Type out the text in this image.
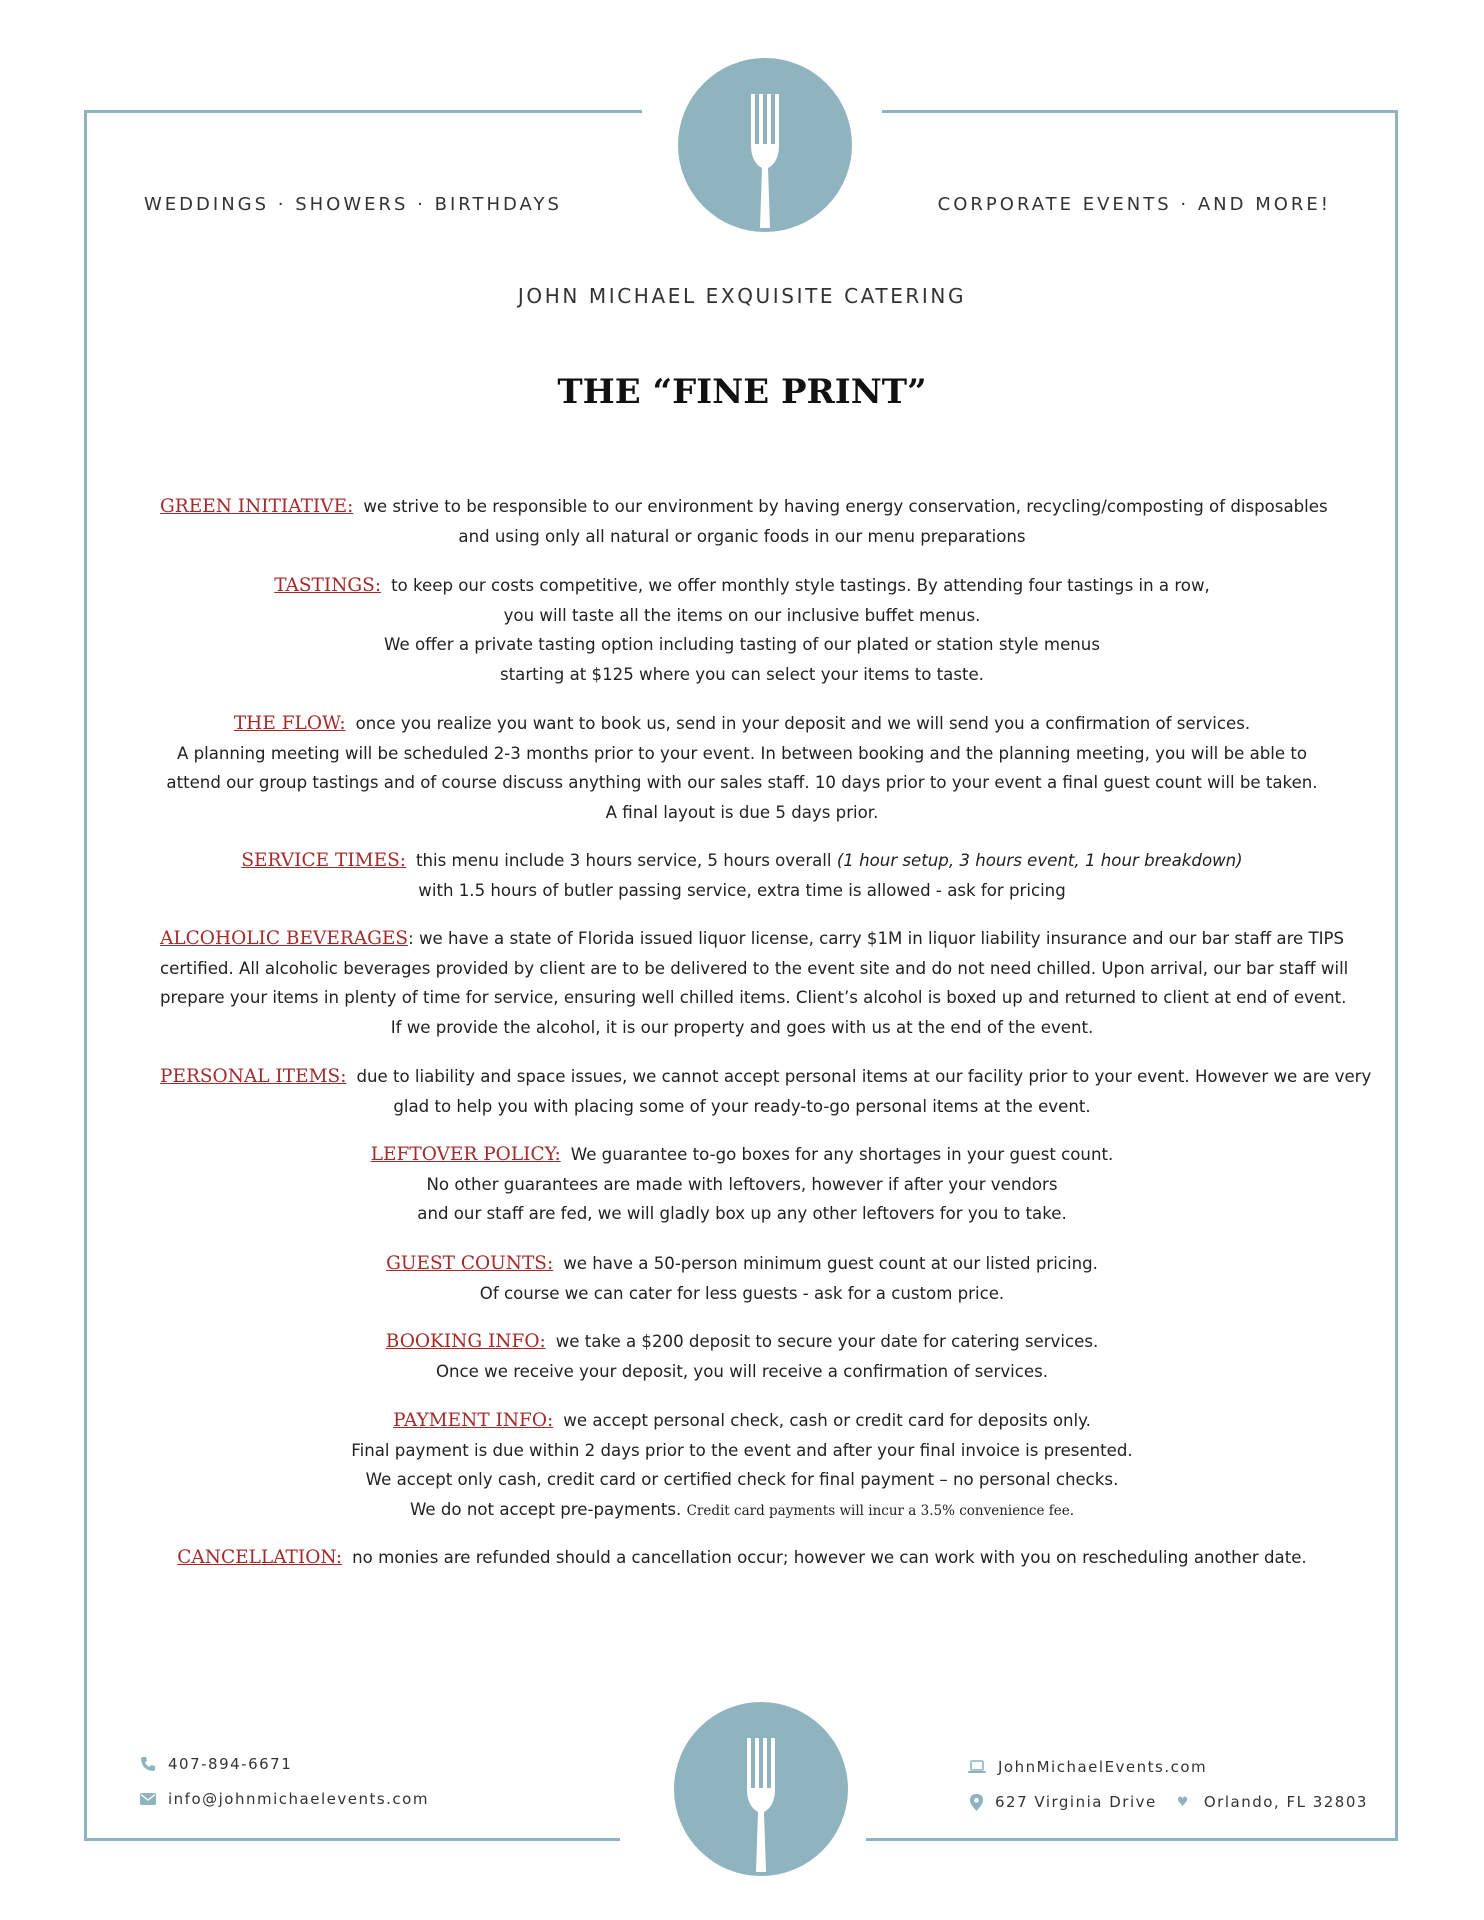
WEDDINGS · SHOWERS · BIRTHDAYS	CORPORATE EVENTS · AND MORE!
JOHN MICHAEL EXQUISITE CATERING
THE “FINE PRINT”

GREEN INITIATIVE: we strive to be responsible to our environment by having energy conservation, recycling/composting of disposables

and using only all natural or organic foods in our menu preparations

TASTINGS: to keep our costs competitive, we offer monthly style tastings. By attending four tastings in a row,

you will taste all the items on our inclusive buffet menus.

We offer a private tasting option including tasting of our plated or station style menus

starting at $125 where you can select your items to taste.

THE FLOW: once you realize you want to book us, send in your deposit and we will send you a confirmation of services.

A planning meeting will be scheduled 2-3 months prior to your event. In between booking and the planning meeting, you will be able to

attend our group tastings and of course discuss anything with our sales staff. 10 days prior to your event a final guest count will be taken.

A final layout is due 5 days prior.

SERVICE TIMES: this menu include 3 hours service, 5 hours overall (1 hour setup, 3 hours event, 1 hour breakdown)

with 1.5 hours of butler passing service, extra time is allowed - ask for pricing

ALCOHOLIC BEVERAGES: we have a state of Florida issued liquor license, carry $1M in liquor liability insurance and our bar staff are TIPS

certified. All alcoholic beverages provided by client are to be delivered to the event site and do not need chilled. Upon arrival, our bar staff will

prepare your items in plenty of time for service, ensuring well chilled items. Client’s alcohol is boxed up and returned to client at end of event.

If we provide the alcohol, it is our property and goes with us at the end of the event.

PERSONAL ITEMS: due to liability and space issues, we cannot accept personal items at our facility prior to your event. However we are very

glad to help you with placing some of your ready-to-go personal items at the event.

LEFTOVER POLICY: We guarantee to-go boxes for any shortages in your guest count.

No other guarantees are made with leftovers, however if after your vendors

and our staff are fed, we will gladly box up any other leftovers for you to take.

GUEST COUNTS: we have a 50-person minimum guest count at our listed pricing.

Of course we can cater for less guests - ask for a custom price.

BOOKING INFO: we take a $200 deposit to secure your date for catering services.

Once we receive your deposit, you will receive a confirmation of services.

PAYMENT INFO: we accept personal check, cash or credit card for deposits only.

Final payment is due within 2 days prior to the event and after your final invoice is presented.

We accept only cash, credit card or certified check for final payment – no personal checks.

We do not accept pre-payments. Credit card payments will incur a 3.5% convenience fee.

CANCELLATION: no monies are refunded should a cancellation occur; however we can work with you on rescheduling another date.

407-894-6671
info@johnmichaelevents.com
JohnMichaelEvents.com
627 Virginia Drive ♥ Orlando, FL 32803
